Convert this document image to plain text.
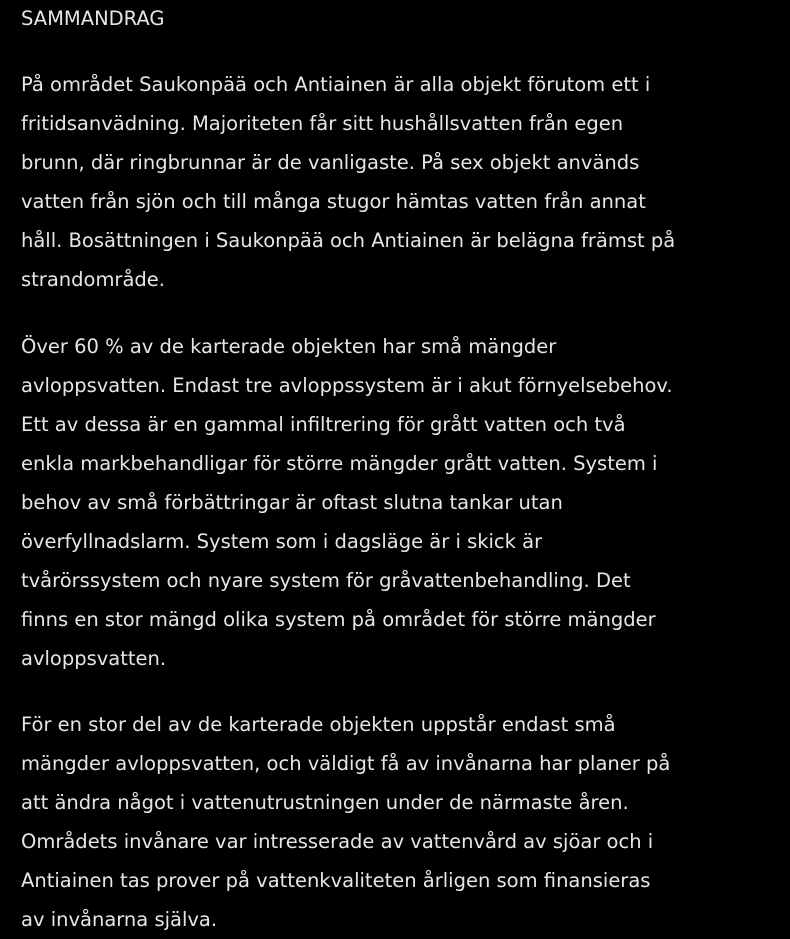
SAMMANDRAG

På området Saukonpää och Antiainen är alla objekt förutom ett i
fritidsanvädning. Majoriteten får sitt hushållsvatten från egen
brunn, där ringbrunnar är de vanligaste. På sex objekt används
vatten från sjön och till många stugor hämtas vatten från annat
håll. Bosättningen i Saukonpää och Antiainen är belägna främst på
strandområde.

Över 60 % av de karterade objekten har små mängder
avloppsvatten. Endast tre avloppssystem är i akut förnyelsebehov.
Ett av dessa är en gammal infiltrering för grått vatten och två
enkla markbehandligar för större mängder grått vatten. System i
behov av små förbättringar är oftast slutna tankar utan
överfyllnadslarm. System som i dagsläge är i skick är
tvårörssystem och nyare system för gråvattenbehandling. Det
finns en stor mängd olika system på området för större mängder
avloppsvatten.

För en stor del av de karterade objekten uppstår endast små
mängder avloppsvatten, och väldigt få av invånarna har planer på
att ändra något i vattenutrustningen under de närmaste åren.
Områdets invånare var intresserade av vattenvård av sjöar och i
Antiainen tas prover på vattenkvaliteten årligen som finansieras
av invånarna själva.
